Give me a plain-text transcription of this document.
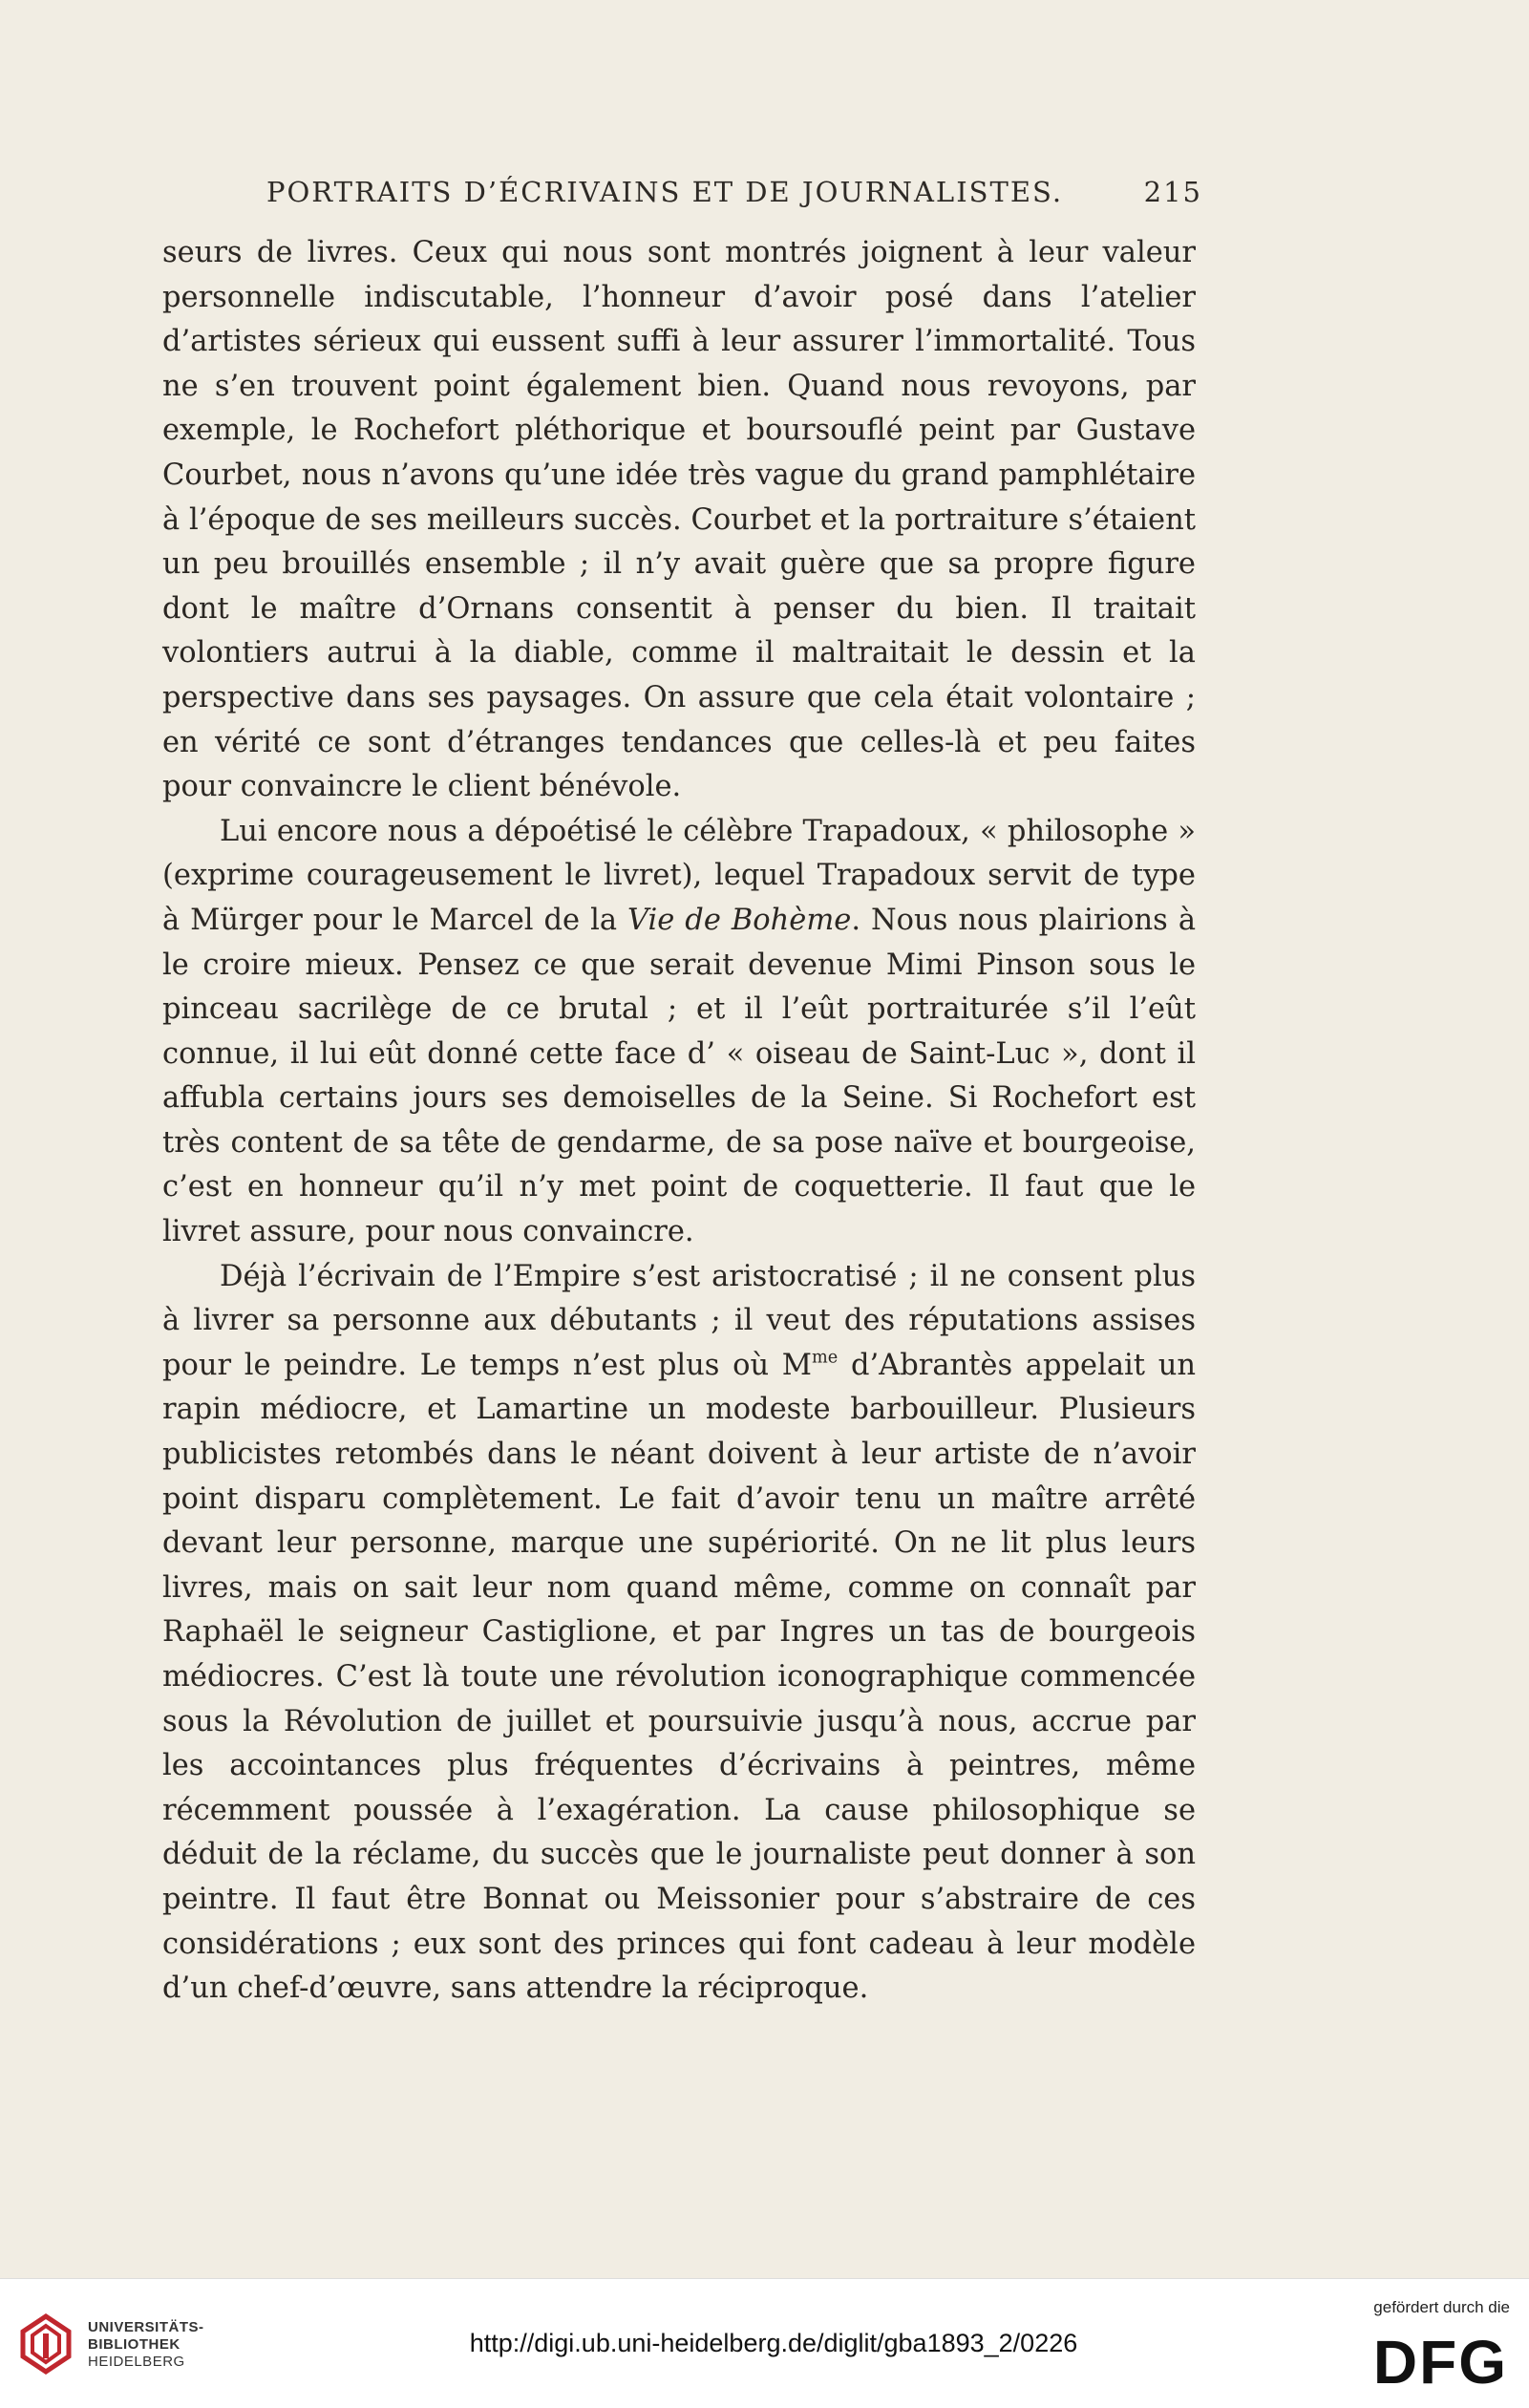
PORTRAITS D’ÉCRIVAINS ET DE JOURNALISTES.	215

seurs de livres. Ceux qui nous sont montrés joignent à leur valeur personnelle indiscutable, l’honneur d’avoir posé dans l’atelier d’artistes sérieux qui eussent suffi à leur assurer l’immortalité. Tous ne s’en trouvent point également bien. Quand nous revoyons, par exemple, le Rochefort pléthorique et boursouflé peint par Gustave Courbet, nous n’avons qu’une idée très vague du grand pamphlétaire à l’époque de ses meilleurs succès. Courbet et la portraiture s’étaient un peu brouillés ensemble ; il n’y avait guère que sa propre figure dont le maître d’Ornans consentit à penser du bien. Il traitait volontiers autrui à la diable, comme il maltraitait le dessin et la perspective dans ses paysages. On assure que cela était volontaire ; en vérité ce sont d’étranges tendances que celles-là et peu faites pour convaincre le client bénévole.

Lui encore nous a dépoétisé le célèbre Trapadoux, « philosophe » (exprime courageusement le livret), lequel Trapadoux servit de type à Mürger pour le Marcel de la Vie de Bohème. Nous nous plairions à le croire mieux. Pensez ce que serait devenue Mimi Pinson sous le pinceau sacrilège de ce brutal ; et il l’eût portraiturée s’il l’eût connue, il lui eût donné cette face d’ « oiseau de Saint-Luc », dont il affubla certains jours ses demoiselles de la Seine. Si Rochefort est très content de sa tête de gendarme, de sa pose naïve et bourgeoise, c’est en honneur qu’il n’y met point de coquetterie. Il faut que le livret assure, pour nous convaincre.

Déjà l’écrivain de l’Empire s’est aristocratisé ; il ne consent plus à livrer sa personne aux débutants ; il veut des réputations assises pour le peindre. Le temps n’est plus où $M^{me}$ d’Abrantès appelait un rapin médiocre, et Lamartine un modeste barbouilleur. Plusieurs publicistes retombés dans le néant doivent à leur artiste de n’avoir point disparu complètement. Le fait d’avoir tenu un maître arrêté devant leur personne, marque une supériorité. On ne lit plus leurs livres, mais on sait leur nom quand même, comme on connaît par Raphaël le seigneur Castiglione, et par Ingres un tas de bourgeois médiocres. C’est là toute une révolution iconographique commencée sous la Révolution de juillet et poursuivie jusqu’à nous, accrue par les accointances plus fréquentes d’écrivains à peintres, même récemment poussée à l’exagération. La cause philosophique se déduit de la réclame, du succès que le journaliste peut donner à son peintre. Il faut être Bonnat ou Meissonier pour s’abstraire de ces considérations ; eux sont des princes qui font cadeau à leur modèle d’un chef-d’œuvre, sans attendre la réciproque.

UNIVERSITÄTS-
BIBLIOTHEK
HEIDELBERG
http://digi.ub.uni-heidelberg.de/diglit/gba1893_2/0226
gefördert durch die
DFG
